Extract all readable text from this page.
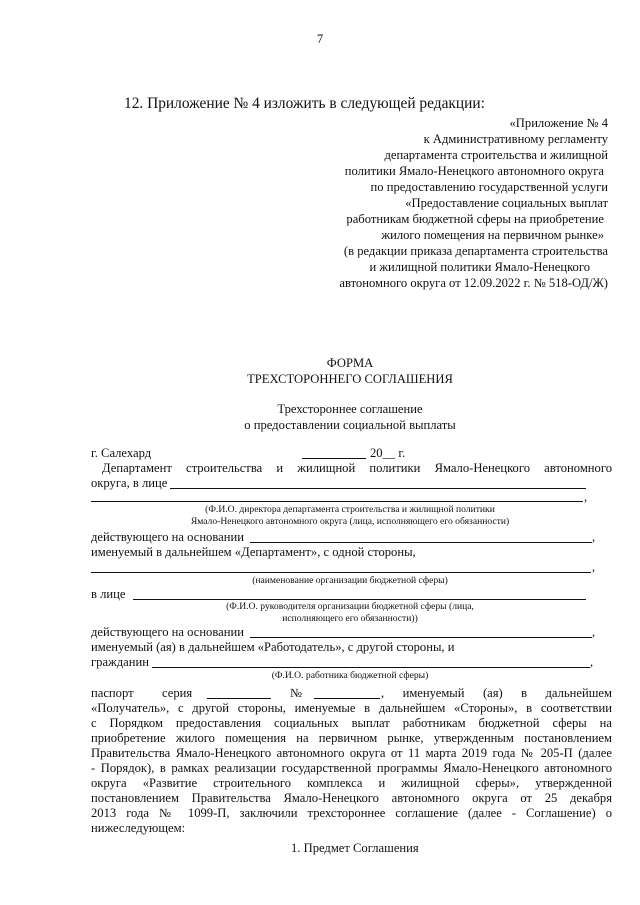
7
12. Приложение № 4 изложить в следующей редакции:
«Приложение № 4
к Административному регламенту
департамента строительства и жилищной
политики Ямало-Ненецкого автономного округа
по предоставлению государственной услуги
«Предоставление социальных выплат
работникам бюджетной сферы на приобретение
жилого помещения на первичном рынке»
(в редакции приказа департамента строительства
и жилищной политики Ямало-Ненецкого
автономного округа от 12.09.2022 г. № 518-ОД/Ж)
ФОРМА
ТРЕХСТОРОННЕГО СОГЛАШЕНИЯ
Трехстороннее соглашение
о предоставлении социальной выплаты
г. Салехард	20__ г.
Департамент строительства и жилищной политики Ямало-Ненецкого автономного
округа, в лице
,
(Ф.И.О. директора департамента строительства и жилищной политики
Ямало-Ненецкого автономного округа (лица, исполняющего его обязанности)
действующего на основании	,
именуемый в дальнейшем «Департамент», с одной стороны,
,
(наименование организации бюджетной сферы)
в лице
(Ф.И.О. руководителя организации бюджетной сферы (лица,
исполняющего его обязанности))
действующего на основании	,
именуемый (ая) в дальнейшем «Работодатель», с другой стороны, и
гражданин	,
(Ф.И.О. работника бюджетной сферы)
паспорт серия	№	, именуемый (ая) в дальнейшем
«Получатель», с другой стороны, именуемые в дальнейшем «Стороны», в соответствии
с Порядком предоставления социальных выплат работникам бюджетной сферы на
приобретение жилого помещения на первичном рынке, утвержденным постановлением
Правительства Ямало-Ненецкого автономного округа от 11 марта 2019 года № 205-П (далее
- Порядок), в рамках реализации государственной программы Ямало-Ненецкого автономного
округа «Развитие строительного комплекса и жилищной сферы», утвержденной
постановлением Правительства Ямало-Ненецкого автономного округа от 25 декабря
2013 года № 1099-П, заключили трехстороннее соглашение (далее - Соглашение) о
нижеследующем:
1. Предмет Соглашения
